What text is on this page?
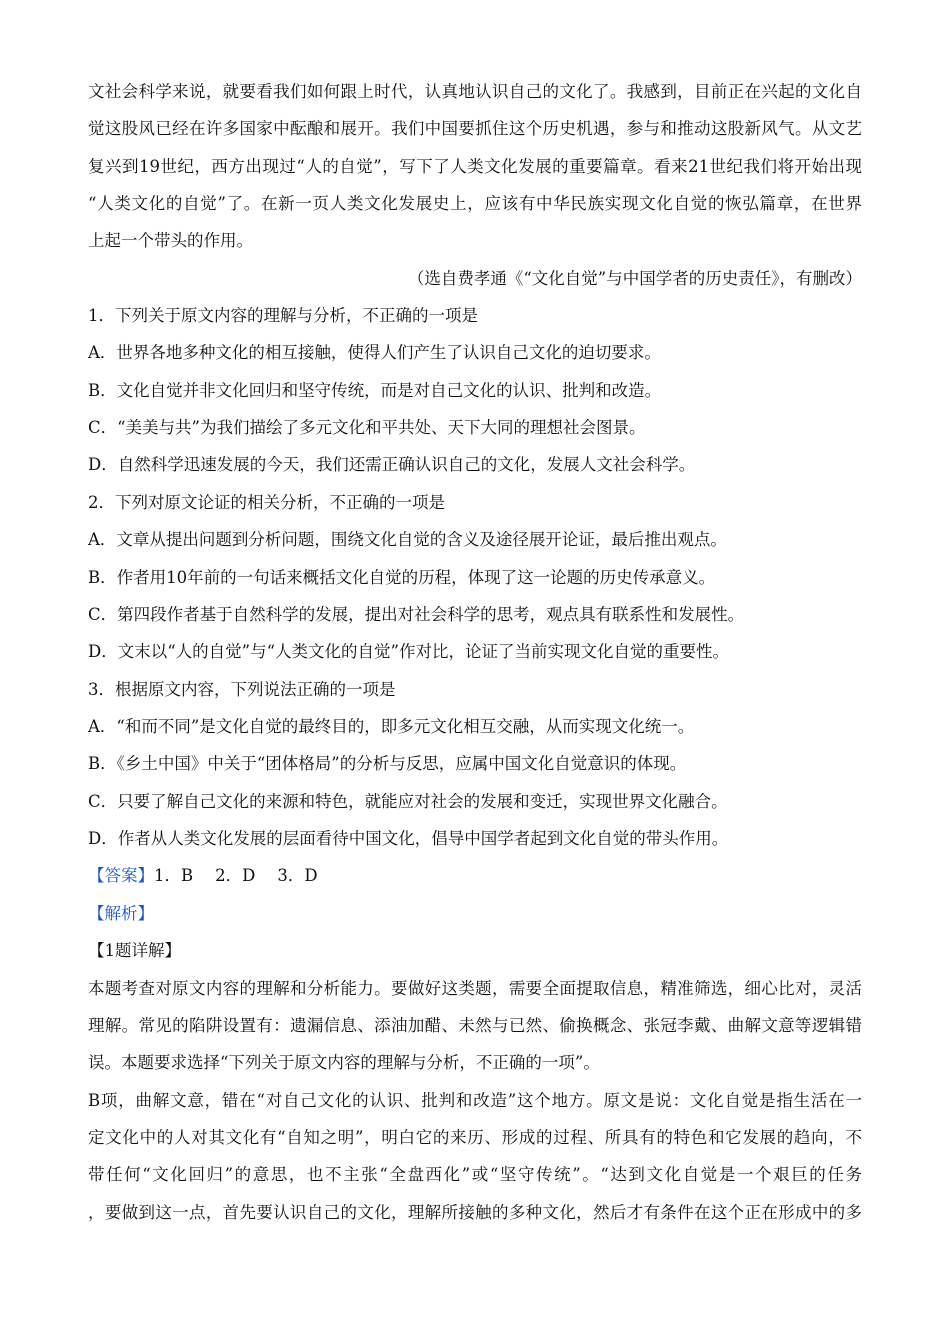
文社会科学来说，就要看我们如何跟上时代，认真地认识自己的文化了。我感到，目前正在兴起的文化自
觉这股风已经在许多国家中酝酿和展开。我们中国要抓住这个历史机遇，参与和推动这股新风气。从文艺
复兴到19世纪，西方出现过“人的自觉”，写下了人类文化发展的重要篇章。看来21世纪我们将开始出现
“人类文化的自觉”了。在新一页人类文化发展史上，应该有中华民族实现文化自觉的恢弘篇章，在世界
上起一个带头的作用。
（选自费孝通《“文化自觉”与中国学者的历史责任》，有删改）
1．下列关于原文内容的理解与分析，不正确的一项是
A．世界各地多种文化的相互接触，使得人们产生了认识自己文化的迫切要求。
B．文化自觉并非文化回归和坚守传统，而是对自己文化的认识、批判和改造。
C．“美美与共”为我们描绘了多元文化和平共处、天下大同的理想社会图景。
D．自然科学迅速发展的今天，我们还需正确认识自己的文化，发展人文社会科学。
2．下列对原文论证的相关分析，不正确的一项是
A．文章从提出问题到分析问题，围绕文化自觉的含义及途径展开论证，最后推出观点。
B．作者用10年前的一句话来概括文化自觉的历程，体现了这一论题的历史传承意义。
C．第四段作者基于自然科学的发展，提出对社会科学的思考，观点具有联系性和发展性。
D．文末以“人的自觉”与“人类文化的自觉”作对比，论证了当前实现文化自觉的重要性。
3．根据原文内容，下列说法正确的一项是
A．“和而不同”是文化自觉的最终目的，即多元文化相互交融，从而实现文化统一。
B．《乡土中国》中关于“团体格局”的分析与反思，应属中国文化自觉意识的体现。
C．只要了解自己文化的来源和特色，就能应对社会的发展和变迁，实现世界文化融合。
D．作者从人类文化发展的层面看待中国文化，倡导中国学者起到文化自觉的带头作用。
【答案】1．B 2．D 3．D
【解析】
【1题详解】
本题考查对原文内容的理解和分析能力。要做好这类题，需要全面提取信息，精准筛选，细心比对，灵活
理解。常见的陷阱设置有：遗漏信息、添油加醋、未然与已然、偷换概念、张冠李戴、曲解文意等逻辑错
误。本题要求选择“下列关于原文内容的理解与分析，不正确的一项”。
B项，曲解文意，错在“对自己文化的认识、批判和改造”这个地方。原文是说：文化自觉是指生活在一
定文化中的人对其文化有“自知之明”，明白它的来历、形成的过程、所具有的特色和它发展的趋向，不
带任何“文化回归”的意思，也不主张“全盘西化”或“坚守传统”。“达到文化自觉是一个艰巨的任务
，要做到这一点，首先要认识自己的文化，理解所接触的多种文化，然后才有条件在这个正在形成中的多
